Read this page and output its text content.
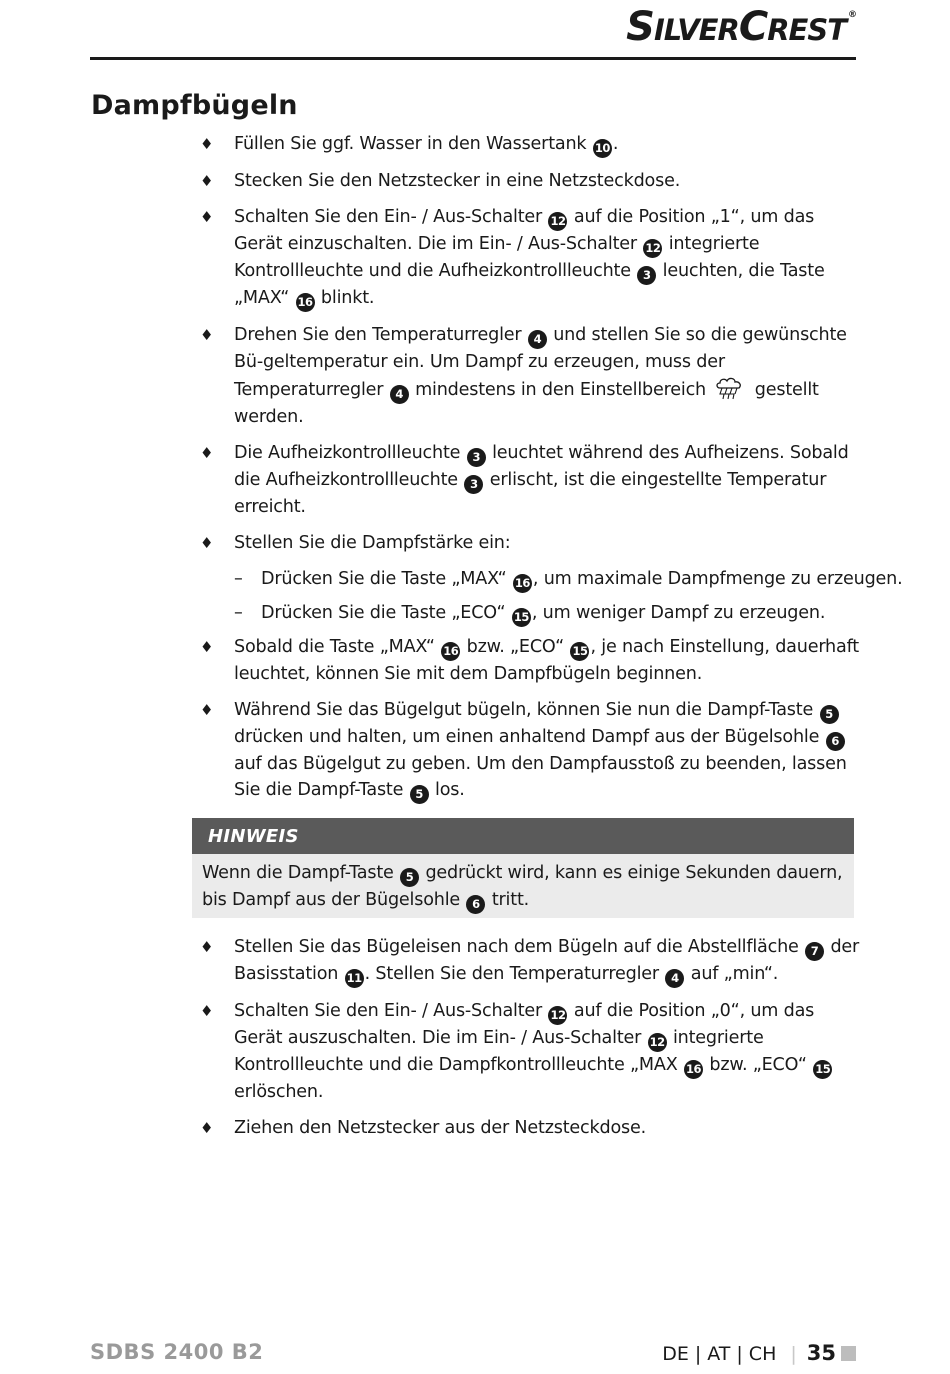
SILVERCREST ®
Dampfbügeln
♦ Füllen Sie ggf. Wasser in den Wassertank 10 .
♦ Stecken Sie den Netzstecker in eine Netzsteckdose.
♦ Schalten Sie den Ein- / Aus-Schalter 12 auf die Position „1“, um das Gerät einzuschalten. Die im Ein- / Aus-Schalter 12 integrierte Kontrollleuchte und die Aufheizkontrollleuchte 3 leuchten, die Taste „MAX“ 16 blinkt.
♦ Drehen Sie den Temperaturregler 4 und stellen Sie so die gewünschte Bü-geltemperatur ein. Um Dampf zu erzeugen, muss der Temperaturregler 4 mindestens in den Einstellbereich  gestellt werden.
♦ Die Aufheizkontrollleuchte 3 leuchtet während des Aufheizens. Sobald die Aufheizkontrollleuchte 3 erlischt, ist die eingestellte Temperatur erreicht.
♦ Stellen Sie die Dampfstärke ein:
– Drücken Sie die Taste „MAX“ 16 , um maximale Dampfmenge zu erzeugen.
– Drücken Sie die Taste „ECO“ 15 , um weniger Dampf zu erzeugen.
♦ Sobald die Taste „MAX“ 16 bzw. „ECO“ 15 , je nach Einstellung, dauerhaft leuchtet, können Sie mit dem Dampfbügeln beginnen.
♦ Während Sie das Bügelgut bügeln, können Sie nun die Dampf-Taste 5 drücken und halten, um einen anhaltend Dampf aus der Bügelsohle 6 auf das Bügelgut zu geben. Um den Dampfausstoß zu beenden, lassen Sie die Dampf-Taste 5 los.
HINWEIS
Wenn die Dampf-Taste 5 gedrückt wird, kann es einige Sekunden dauern, bis Dampf aus der Bügelsohle 6 tritt.
♦ Stellen Sie das Bügeleisen nach dem Bügeln auf die Abstellfläche 7 der Basisstation 11 . Stellen Sie den Temperaturregler 4 auf „min“.
♦ Schalten Sie den Ein- / Aus-Schalter 12 auf die Position „0“, um das Gerät auszuschalten. Die im Ein- / Aus-Schalter 12 integrierte Kontrollleuchte und die Dampfkontrollleuchte „MAX 16 bzw. „ECO“ 15 erlöschen.
♦ Ziehen den Netzstecker aus der Netzsteckdose.
SDBS 2400 B2	DE | AT | CH | 35
